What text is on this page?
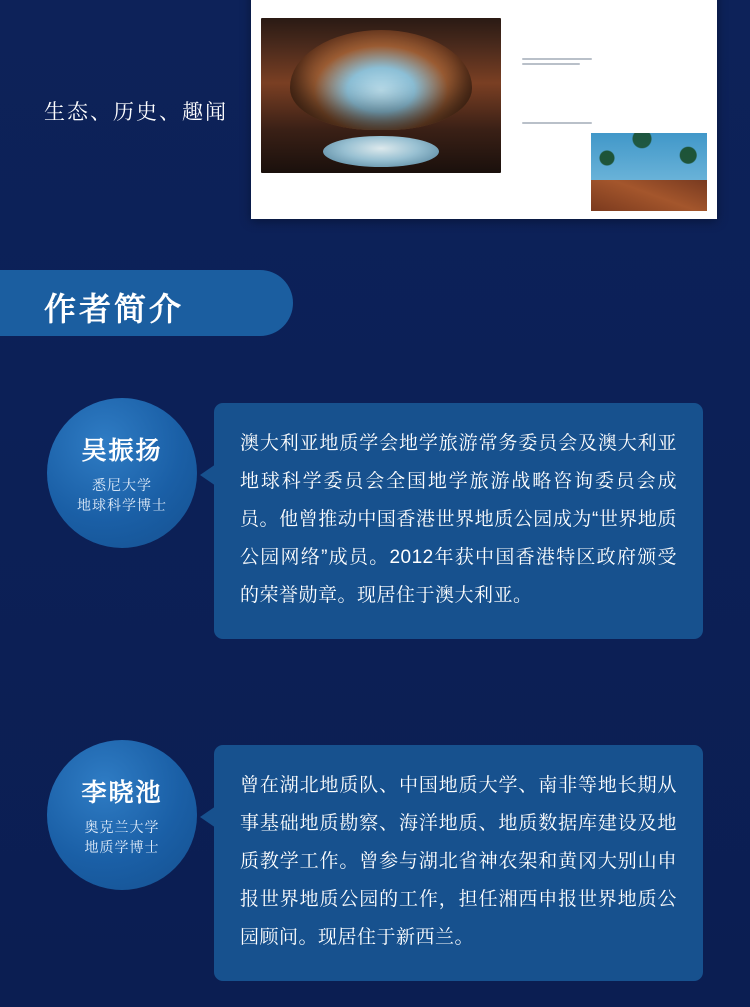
生态、历史、趣闻
作者简介
吴振扬
悉尼大学
地球科学博士

澳大利亚地质学会地学旅游常务委员会及澳大利亚地球科学委员会全国地学旅游战略咨询委员会成员。他曾推动中国香港世界地质公园成为“世界地质公园网络”成员。2012年获中国香港特区政府颁受的荣誉勋章。现居住于澳大利亚。

李晓池
奥克兰大学
地质学博士

曾在湖北地质队、中国地质大学、南非等地长期从事基础地质勘察、海洋地质、地质数据库建设及地质教学工作。曾参与湖北省神农架和黄冈大别山申报世界地质公园的工作，担任湘西申报世界地质公园顾问。现居住于新西兰。
